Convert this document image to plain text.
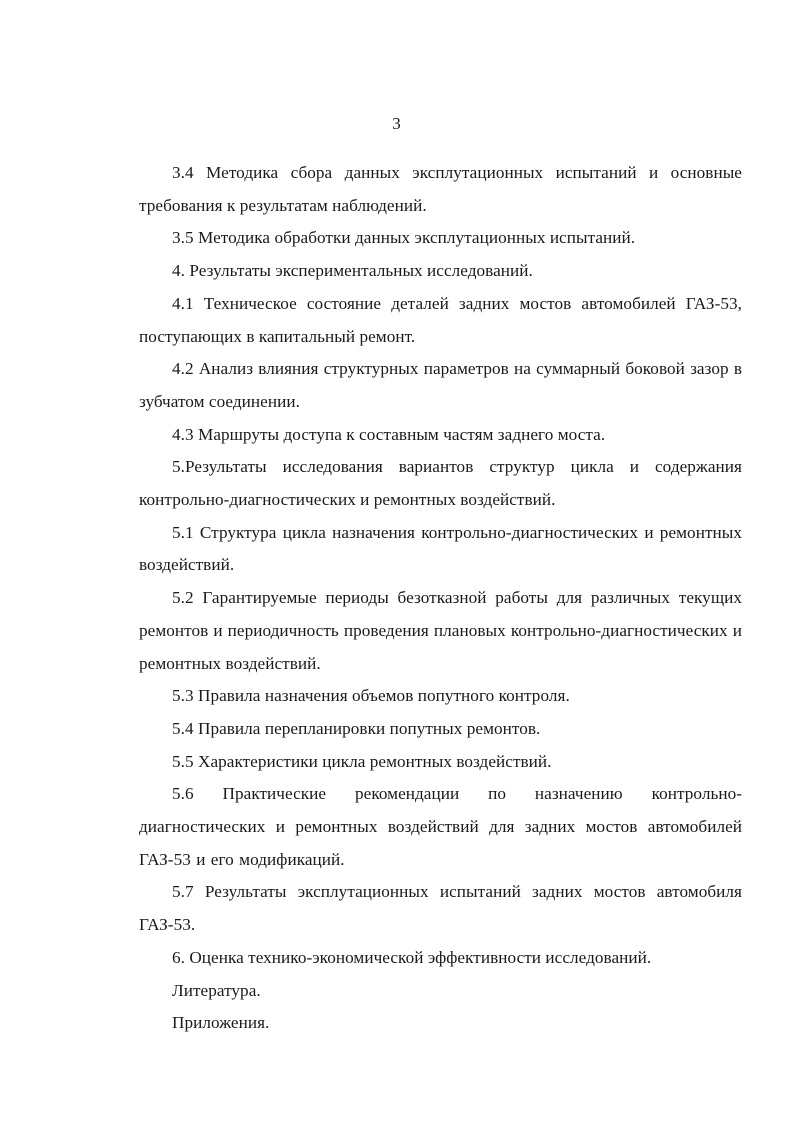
3

3.4 Методика сбора данных эксплутационных испытаний и основные требования к результатам наблюдений.

3.5 Методика обработки данных эксплутационных испытаний.

4. Результаты экспериментальных исследований.

4.1 Техническое состояние деталей задних мостов автомобилей ГАЗ-53, поступающих в капитальный ремонт.

4.2 Анализ влияния структурных параметров на суммарный боковой зазор в зубчатом соединении.

4.3 Маршруты доступа к составным частям заднего моста.

5.Результаты исследования вариантов структур цикла и содержания контрольно-диагностических и ремонтных воздействий.

5.1 Структура цикла назначения контрольно-диагностических и ремонтных воздействий.

5.2 Гарантируемые периоды безотказной работы для различных текущих ремонтов и периодичность проведения плановых контрольно-диагностических и ремонтных воздействий.

5.3 Правила назначения объемов попутного контроля.

5.4 Правила перепланировки попутных ремонтов.

5.5 Характеристики цикла ремонтных воздействий.

5.6 Практические рекомендации по назначению контрольно-диагностических и ремонтных воздействий для задних мостов автомобилей ГАЗ-53 и его модификаций.

5.7 Результаты эксплутационных испытаний задних мостов автомобиля ГАЗ-53.

6. Оценка технико-экономической эффективности исследований.

Литература.

Приложения.
